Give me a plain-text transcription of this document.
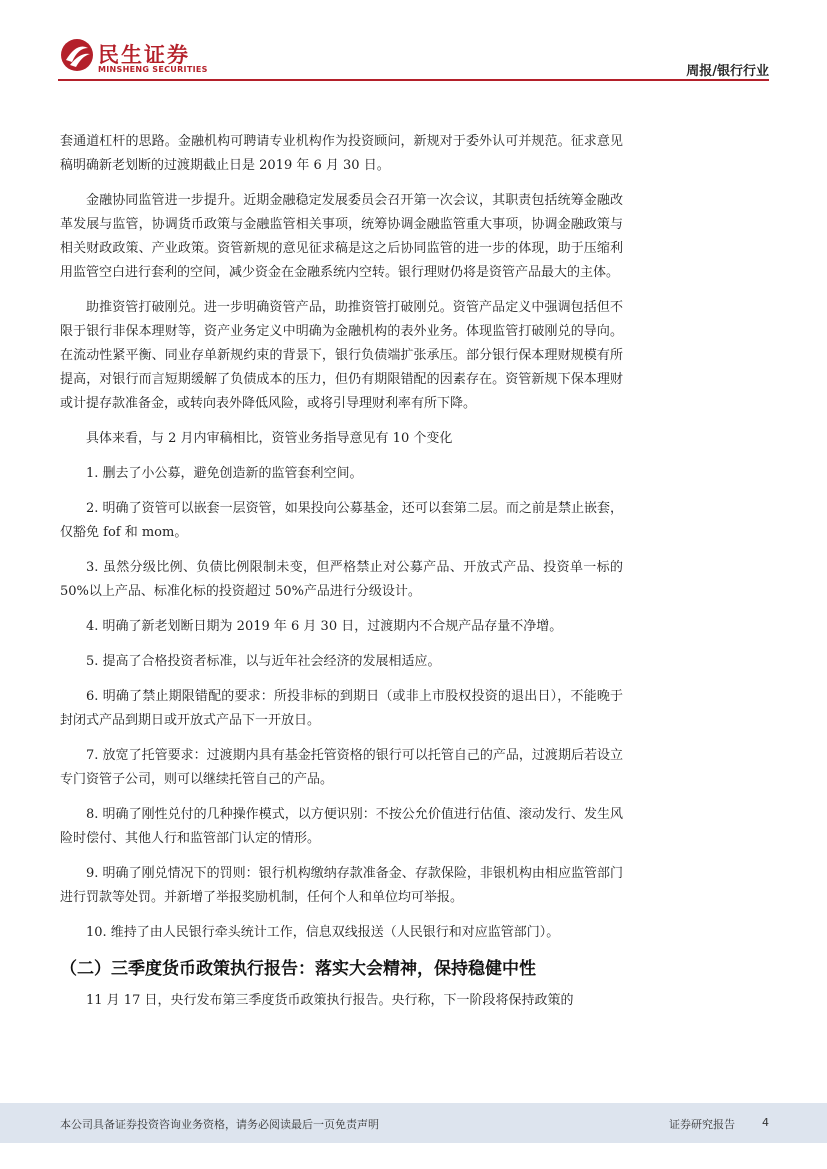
民生证券
MINSHENG SECURITIES	周报/银行行业

套通道杠杆的思路。金融机构可聘请专业机构作为投资顾问，新规对于委外认可并规范。征求意见稿明确新老划断的过渡期截止日是 2019 年 6 月 30 日。

金融协同监管进一步提升。近期金融稳定发展委员会召开第一次会议，其职责包括统筹金融改革发展与监管，协调货币政策与金融监管相关事项，统筹协调金融监管重大事项，协调金融政策与相关财政政策、产业政策。资管新规的意见征求稿是这之后协同监管的进一步的体现，助于压缩利用监管空白进行套利的空间，减少资金在金融系统内空转。银行理财仍将是资管产品最大的主体。

助推资管打破刚兑。进一步明确资管产品，助推资管打破刚兑。资管产品定义中强调包括但不限于银行非保本理财等，资产业务定义中明确为金融机构的表外业务。体现监管打破刚兑的导向。在流动性紧平衡、同业存单新规约束的背景下，银行负债端扩张承压。部分银行保本理财规模有所提高，对银行而言短期缓解了负债成本的压力，但仍有期限错配的因素存在。资管新规下保本理财或计提存款准备金，或转向表外降低风险，或将引导理财利率有所下降。

具体来看，与 2 月内审稿相比，资管业务指导意见有 10 个变化

1. 删去了小公募，避免创造新的监管套利空间。

2. 明确了资管可以嵌套一层资管，如果投向公募基金，还可以套第二层。而之前是禁止嵌套，仅豁免 fof 和 mom。

3. 虽然分级比例、负债比例限制未变，但严格禁止对公募产品、开放式产品、投资单一标的 50%以上产品、标准化标的投资超过 50%产品进行分级设计。

4. 明确了新老划断日期为 2019 年 6 月 30 日，过渡期内不合规产品存量不净增。

5. 提高了合格投资者标准，以与近年社会经济的发展相适应。

6. 明确了禁止期限错配的要求：所投非标的到期日（或非上市股权投资的退出日），不能晚于封闭式产品到期日或开放式产品下一开放日。

7. 放宽了托管要求：过渡期内具有基金托管资格的银行可以托管自己的产品，过渡期后若设立专门资管子公司，则可以继续托管自己的产品。

8. 明确了刚性兑付的几种操作模式，以方便识别：不按公允价值进行估值、滚动发行、发生风险时偿付、其他人行和监管部门认定的情形。

9. 明确了刚兑情况下的罚则：银行机构缴纳存款准备金、存款保险，非银机构由相应监管部门进行罚款等处罚。并新增了举报奖励机制，任何个人和单位均可举报。

10. 维持了由人民银行牵头统计工作，信息双线报送（人民银行和对应监管部门）。

（二）三季度货币政策执行报告：落实大会精神，保持稳健中性

11 月 17 日，央行发布第三季度货币政策执行报告。央行称，下一阶段将保持政策的

本公司具备证券投资咨询业务资格，请务必阅读最后一页免责声明	证券研究报告 4
